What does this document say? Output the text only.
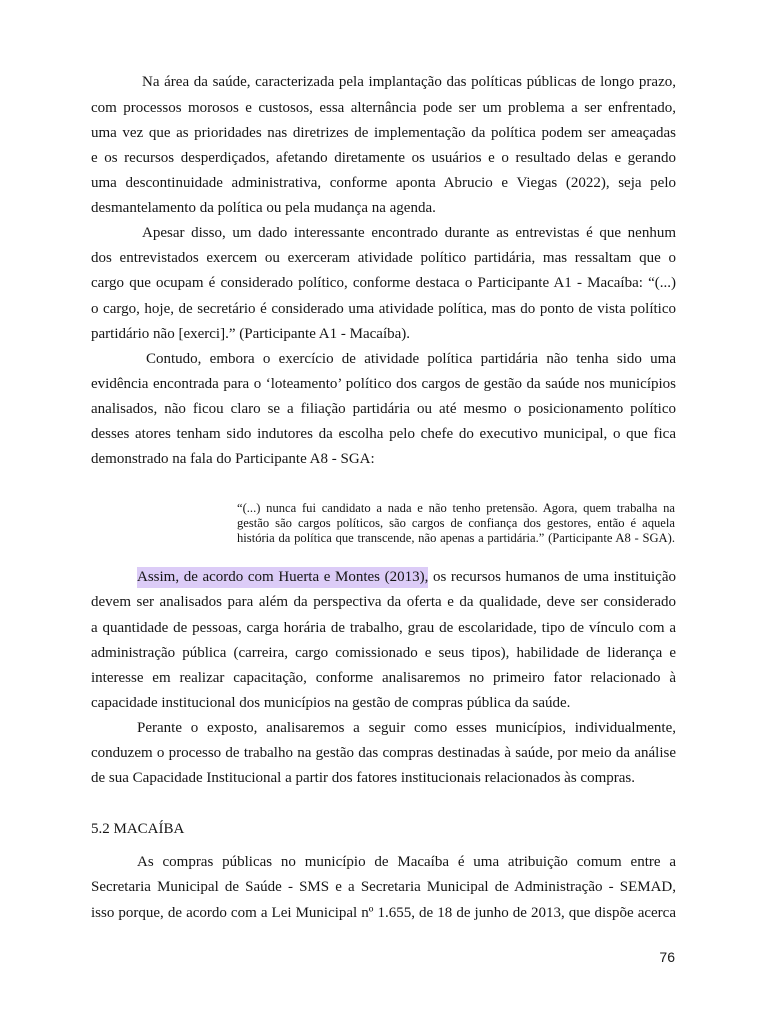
Na área da saúde, caracterizada pela implantação das políticas públicas de longo prazo,
com processos morosos e custosos, essa alternância pode ser um problema a ser enfrentado,
uma vez que as prioridades nas diretrizes de implementação da política podem ser ameaçadas
e os recursos desperdiçados, afetando diretamente os usuários e o resultado delas e gerando
uma descontinuidade administrativa, conforme aponta Abrucio e Viegas (2022), seja pelo
desmantelamento da política ou pela mudança na agenda.
Apesar disso, um dado interessante encontrado durante as entrevistas é que nenhum
dos entrevistados exercem ou exerceram atividade político partidária, mas ressaltam que o
cargo que ocupam é considerado político, conforme destaca o Participante A1 - Macaíba: “(...)
o cargo, hoje, de secretário é considerado uma atividade política, mas do ponto de vista político
partidário não [exerci].” (Participante A1 - Macaíba).
Contudo, embora o exercício de atividade política partidária não tenha sido uma
evidência encontrada para o ‘loteamento’ político dos cargos de gestão da saúde nos municípios
analisados, não ficou claro se a filiação partidária ou até mesmo o posicionamento político
desses atores tenham sido indutores da escolha pelo chefe do executivo municipal, o que fica
demonstrado na fala do Participante A8 - SGA:
“(...) nunca fui candidato a nada e não tenho pretensão. Agora, quem trabalha na
gestão são cargos políticos, são cargos de confiança dos gestores, então é aquela
história da política que transcende, não apenas a partidária.” (Participante A8 - SGA).
Assim, de acordo com Huerta e Montes (2013), os recursos humanos de uma instituição
devem ser analisados para além da perspectiva da oferta e da qualidade, deve ser considerado
a quantidade de pessoas, carga horária de trabalho, grau de escolaridade, tipo de vínculo com a
administração pública (carreira, cargo comissionado e seus tipos), habilidade de liderança e
interesse em realizar capacitação, conforme analisaremos no primeiro fator relacionado à
capacidade institucional dos municípios na gestão de compras pública da saúde.
Perante o exposto, analisaremos a seguir como esses municípios, individualmente,
conduzem o processo de trabalho na gestão das compras destinadas à saúde, por meio da análise
de sua Capacidade Institucional a partir dos fatores institucionais relacionados às compras.
5.2 MACAÍBA
As compras públicas no município de Macaíba é uma atribuição comum entre a
Secretaria Municipal de Saúde - SMS e a Secretaria Municipal de Administração - SEMAD,
isso porque, de acordo com a Lei Municipal nº 1.655, de 18 de junho de 2013, que dispõe acerca
76
